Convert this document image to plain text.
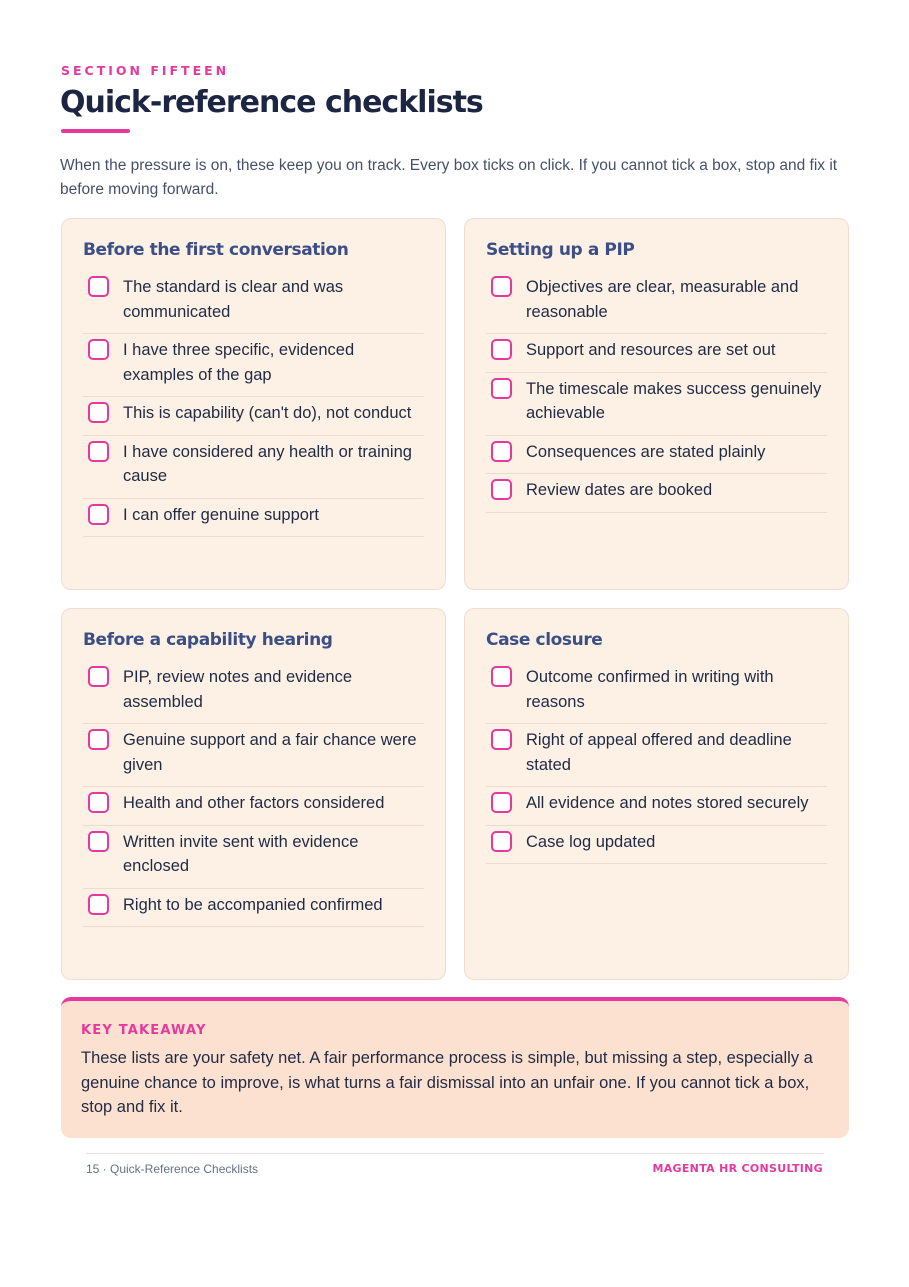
SECTION FIFTEEN
Quick-reference checklists

When the pressure is on, these keep you on track. Every box ticks on click. If you cannot tick a box, stop and fix it before moving forward.

Before the first conversation
The standard is clear and was communicated
I have three specific, evidenced examples of the gap
This is capability (can't do), not conduct
I have considered any health or training cause
I can offer genuine support
Setting up a PIP
Objectives are clear, measurable and reasonable
Support and resources are set out
The timescale makes success genuinely achievable
Consequences are stated plainly
Review dates are booked
Before a capability hearing
PIP, review notes and evidence assembled
Genuine support and a fair chance were given
Health and other factors considered
Written invite sent with evidence enclosed
Right to be accompanied confirmed
Case closure
Outcome confirmed in writing with reasons
Right of appeal offered and deadline stated
All evidence and notes stored securely
Case log updated
KEY TAKEAWAY

These lists are your safety net. A fair performance process is simple, but missing a step, especially a genuine chance to improve, is what turns a fair dismissal into an unfair one. If you cannot tick a box, stop and fix it.

15 · Quick-Reference Checklists	MAGENTA HR CONSULTING
